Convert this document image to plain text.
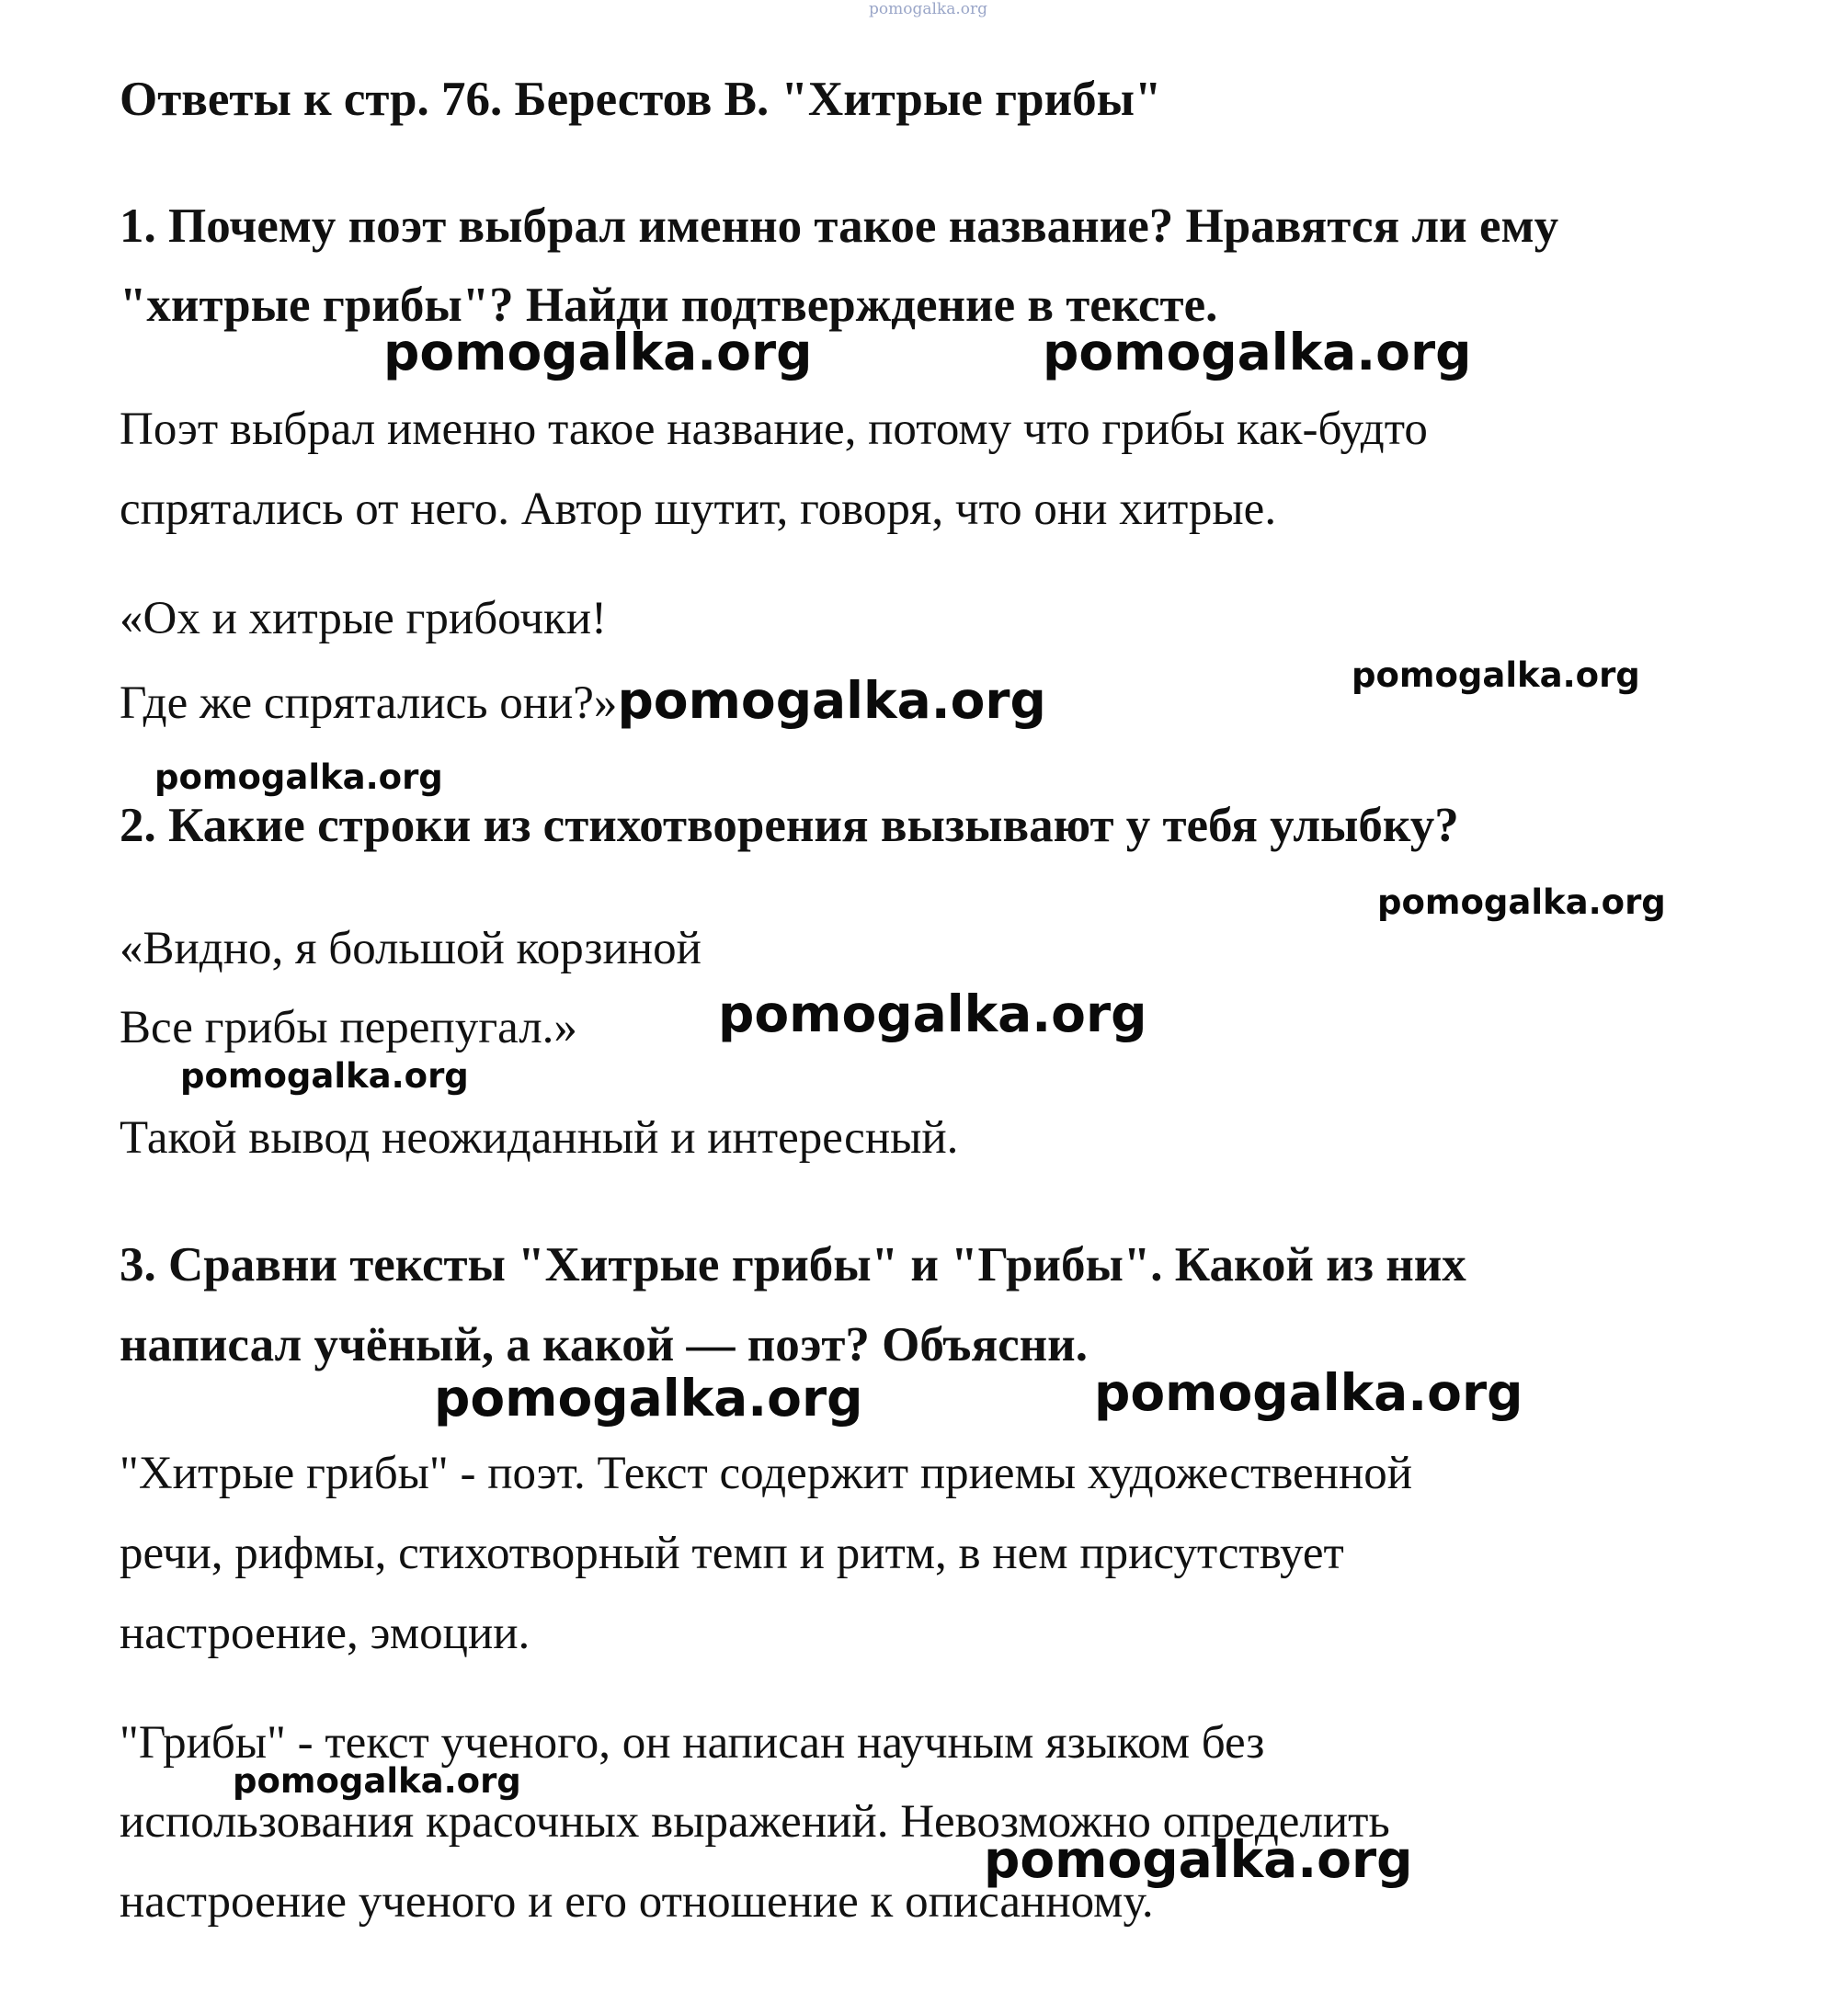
pomogalka.org
Ответы к стр. 76. Берестов В. "Хитрые грибы"
1. Почему поэт выбрал именно такое название? Нравятся ли ему
"хитрые грибы"? Найди подтверждение в тексте.
pomogalka.org	pomogalka.org
Поэт выбрал именно такое название, потому что грибы как-будто
спрятались от него. Автор шутит, говоря, что они хитрые.
«Ох и хитрые грибочки!
Где же спрятались они?»pomogalka.org	pomogalka.org
pomogalka.org
2. Какие строки из стихотворения вызывают у тебя улыбку?
pomogalka.org
«Видно, я большой корзиной
Все грибы перепугал.»	pomogalka.org
pomogalka.org
Такой вывод неожиданный и интересный.
3. Сравни тексты "Хитрые грибы" и "Грибы". Какой из них
написал учёный, а какой — поэт? Объясни.
pomogalka.org	pomogalka.org
"Хитрые грибы" - поэт. Текст содержит приемы художественной
речи, рифмы, стихотворный темп и ритм, в нем присутствует
настроение, эмоции.
"Грибы" - текст ученого, он написан научным языком без
pomogalka.org
использования красочных выражений. Невозможно определить
pomogalka.org
настроение ученого и его отношение к описанному.
